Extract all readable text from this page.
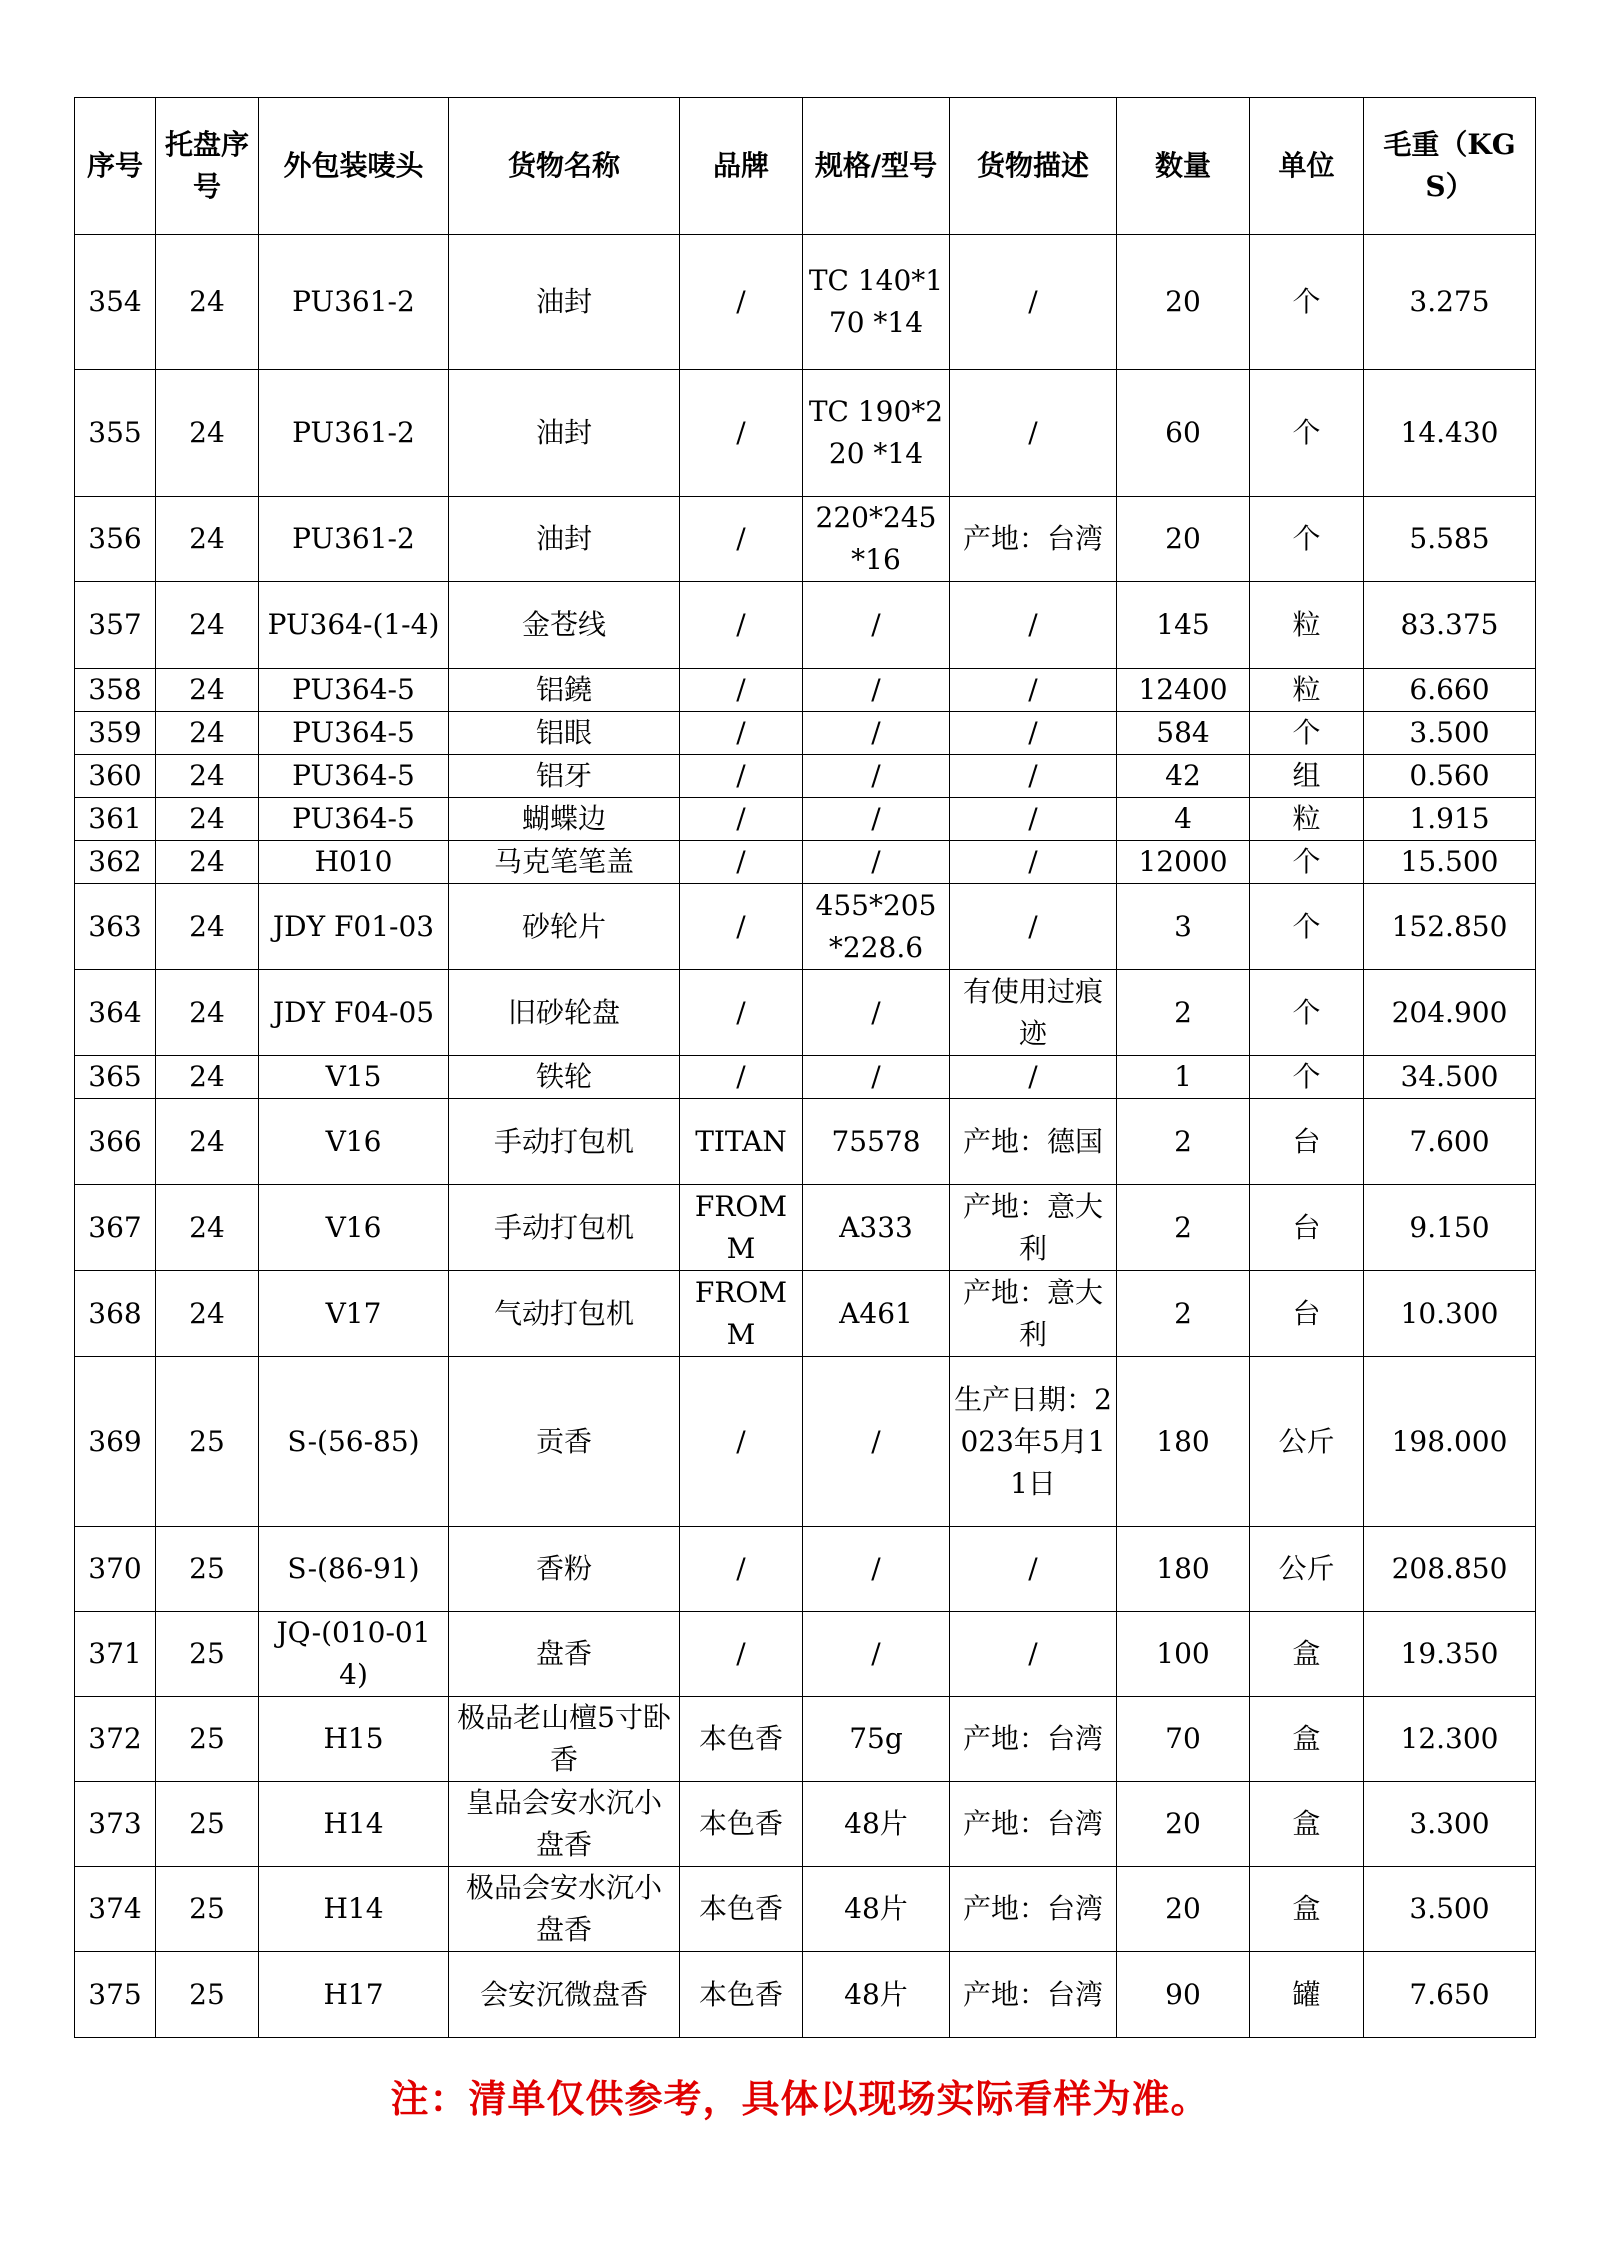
序号	托盘序号	外包装唛头	货物名称	品牌	规格/型号	货物描述	数量	单位	毛重（KGS）
354	24	PU361-2	油封	/	TC 140*170 *14	/	20	个	3.275
355	24	PU361-2	油封	/	TC 190*220 *14	/	60	个	14.430
356	24	PU361-2	油封	/	220*245 *16	产地：台湾	20	个	5.585
357	24	PU364-(1-4)	金苍线	/	/	/	145	粒	83.375
358	24	PU364-5	铝鐃	/	/	/	12400	粒	6.660
359	24	PU364-5	铝眼	/	/	/	584	个	3.500
360	24	PU364-5	铝牙	/	/	/	42	组	0.560
361	24	PU364-5	蝴蝶边	/	/	/	4	粒	1.915
362	24	H010	马克笔笔盖	/	/	/	12000	个	15.500
363	24	JDY F01-03	砂轮片	/	455*205 *228.6	/	3	个	152.850
364	24	JDY F04-05	旧砂轮盘	/	/	有使用过痕迹	2	个	204.900
365	24	V15	铁轮	/	/	/	1	个	34.500
366	24	V16	手动打包机	TITAN	75578	产地：德国	2	台	7.600
367	24	V16	手动打包机	FROMM	A333	产地：意大利	2	台	9.150
368	24	V17	气动打包机	FROMM	A461	产地：意大利	2	台	10.300
369	25	S-(56-85)	贡香	/	/	生产日期：2023年5月11日	180	公斤	198.000
370	25	S-(86-91)	香粉	/	/	/	180	公斤	208.850
371	25	JQ-(010-014)	盘香	/	/	/	100	盒	19.350
372	25	H15	极品老山檀5寸卧香	本色香	75g	产地：台湾	70	盒	12.300
373	25	H14	皇品会安水沉小盘香	本色香	48片	产地：台湾	20	盒	3.300
374	25	H14	极品会安水沉小盘香	本色香	48片	产地：台湾	20	盒	3.500
375	25	H17	会安沉微盘香	本色香	48片	产地：台湾	90	罐	7.650
注：清单仅供参考，具体以现场实际看样为准。
